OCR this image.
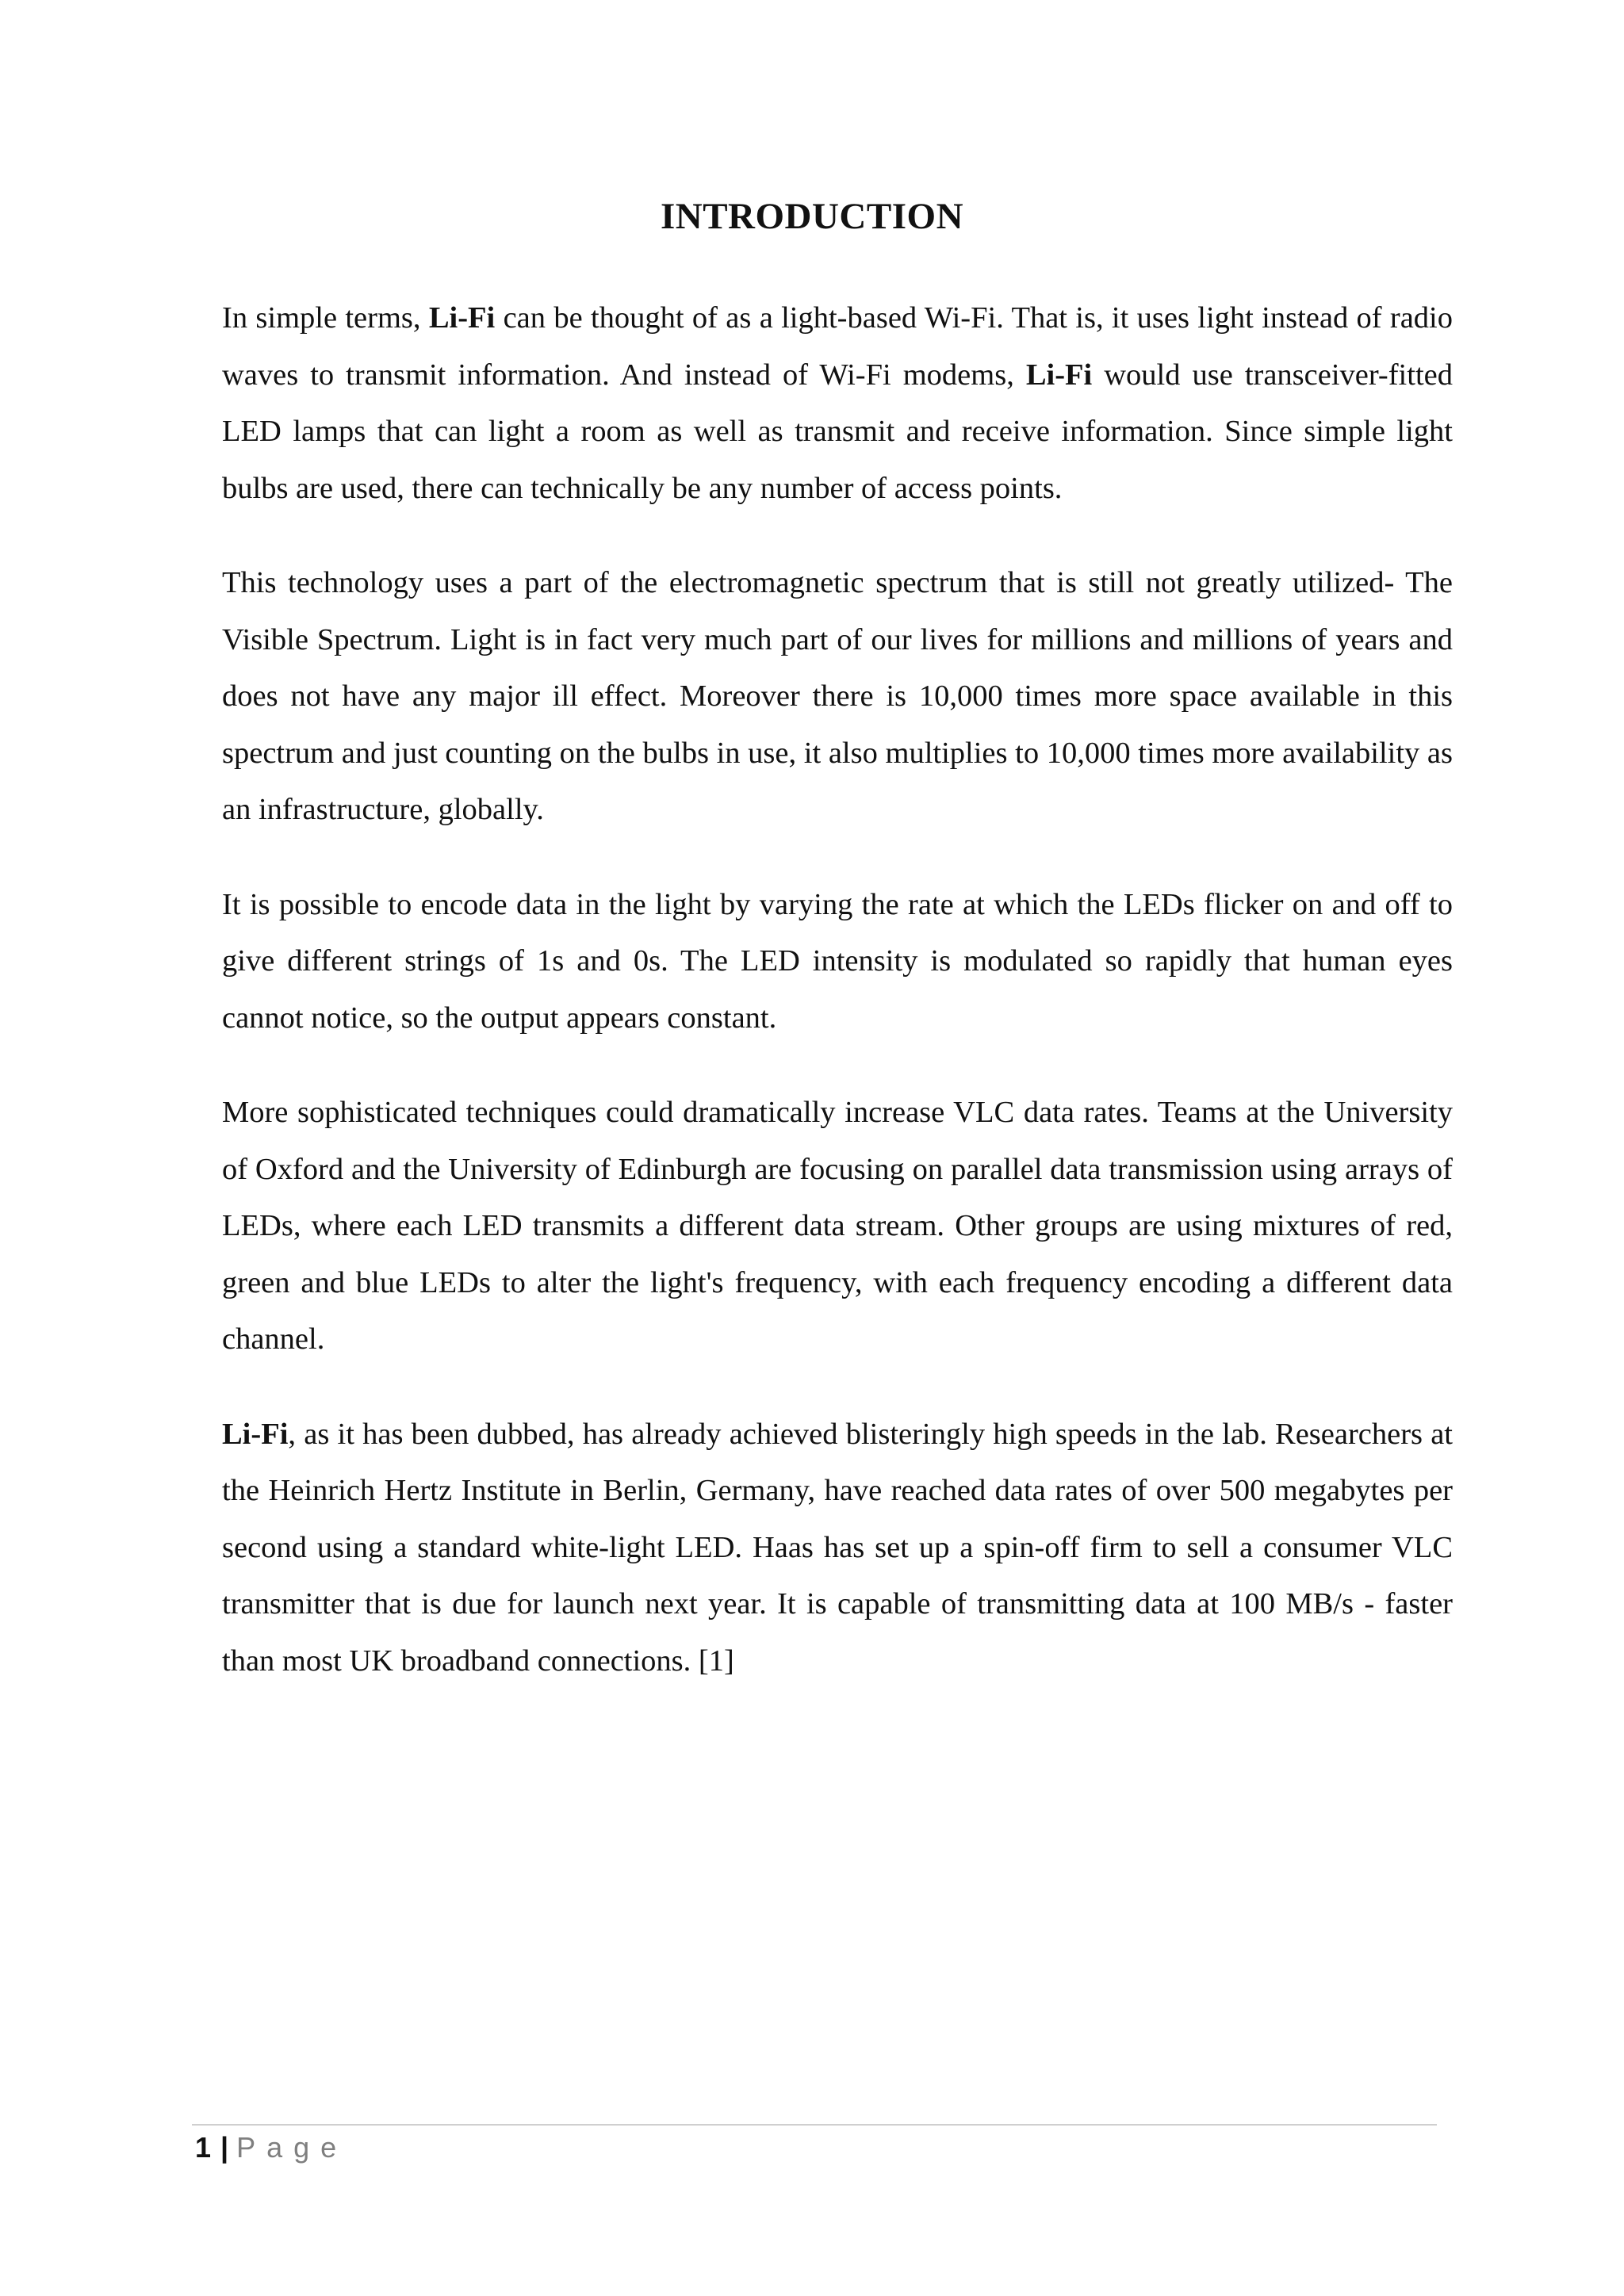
INTRODUCTION

In simple terms, Li-Fi can be thought of as a light-based Wi-Fi. That is, it uses light instead of radio waves to transmit information. And instead of Wi-Fi modems, Li-Fi would use transceiver-fitted LED lamps that can light a room as well as transmit and receive information. Since simple light bulbs are used, there can technically be any number of access points.

This technology uses a part of the electromagnetic spectrum that is still not greatly utilized- The Visible Spectrum. Light is in fact very much part of our lives for millions and millions of years and does not have any major ill effect. Moreover there is 10,000 times more space available in this spectrum and just counting on the bulbs in use, it also multiplies to 10,000 times more availability as an infrastructure, globally.

It is possible to encode data in the light by varying the rate at which the LEDs flicker on and off to give different strings of 1s and 0s. The LED intensity is modulated so rapidly that human eyes cannot notice, so the output appears constant.

More sophisticated techniques could dramatically increase VLC data rates. Teams at the University of Oxford and the University of Edinburgh are focusing on parallel data transmission using arrays of LEDs, where each LED transmits a different data stream. Other groups are using mixtures of red, green and blue LEDs to alter the light's frequency, with each frequency encoding a different data channel.

Li-Fi, as it has been dubbed, has already achieved blisteringly high speeds in the lab. Researchers at the Heinrich Hertz Institute in Berlin, Germany, have reached data rates of over 500 megabytes per second using a standard white-light LED. Haas has set up a spin-off firm to sell a consumer VLC transmitter that is due for launch next year. It is capable of transmitting data at 100 MB/s - faster than most UK broadband connections. [1]

1 | Page
